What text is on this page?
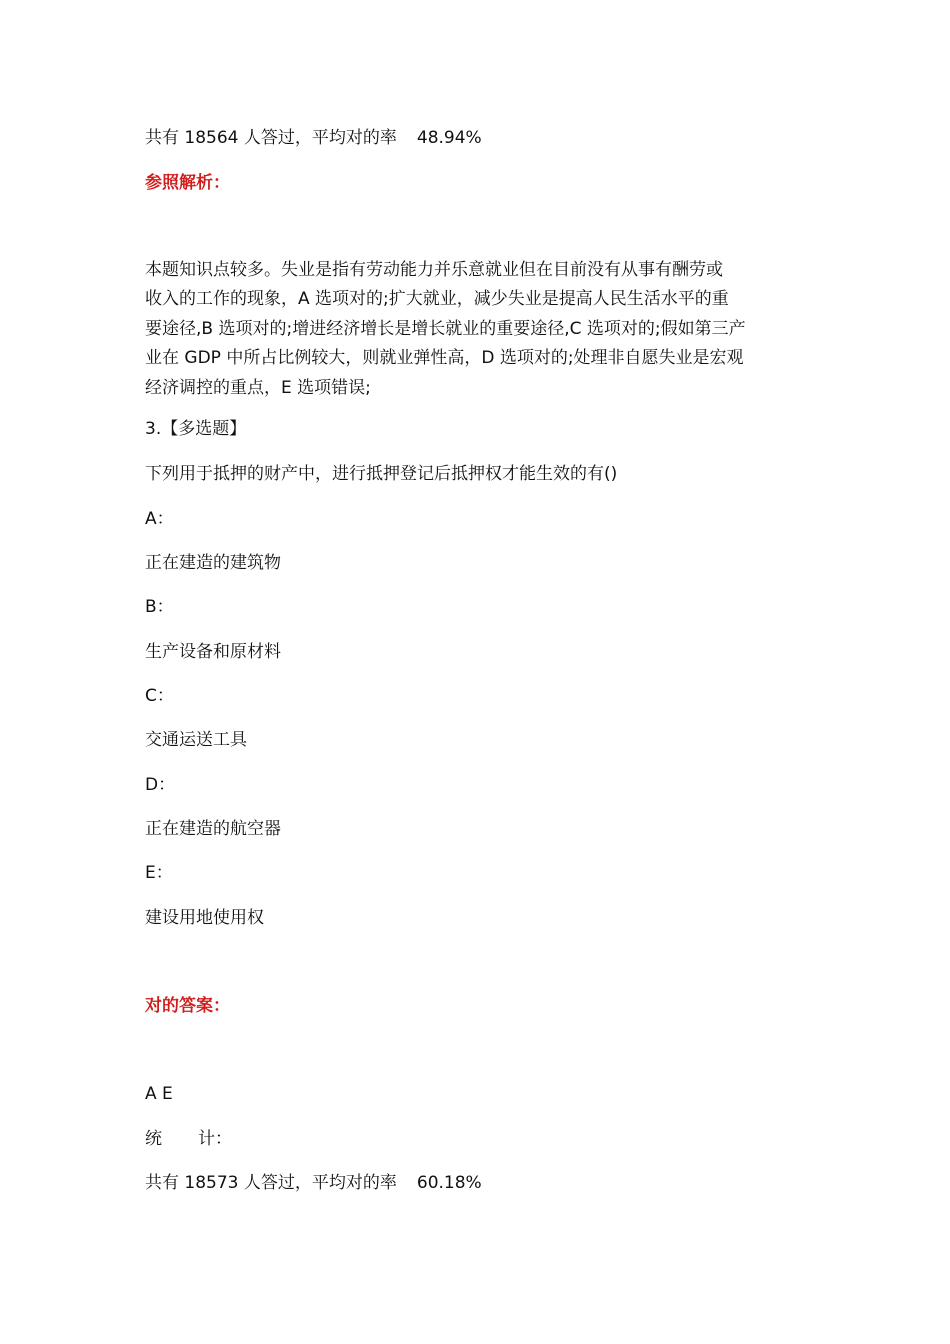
共有 18564 人答过，平均对的率 48.94%
参照解析：
本题知识点较多。失业是指有劳动能力并乐意就业但在目前没有从事有酬劳或
收入的工作的现象，A 选项对的;扩大就业，减少失业是提高人民生活水平的重
要途径,B 选项对的;增进经济增长是增长就业的重要途径,C 选项对的;假如第三产
业在 GDP 中所占比例较大，则就业弹性高，D 选项对的;处理非自愿失业是宏观
经济调控的重点，E 选项错误;
3.【多选题】
下列用于抵押的财产中，进行抵押登记后抵押权才能生效的有()
A：
正在建造的建筑物
B：
生产设备和原材料
C：
交通运送工具
D：
正在建造的航空器
E：
建设用地使用权
对的答案：
A E
统 计：
共有 18573 人答过，平均对的率 60.18%
